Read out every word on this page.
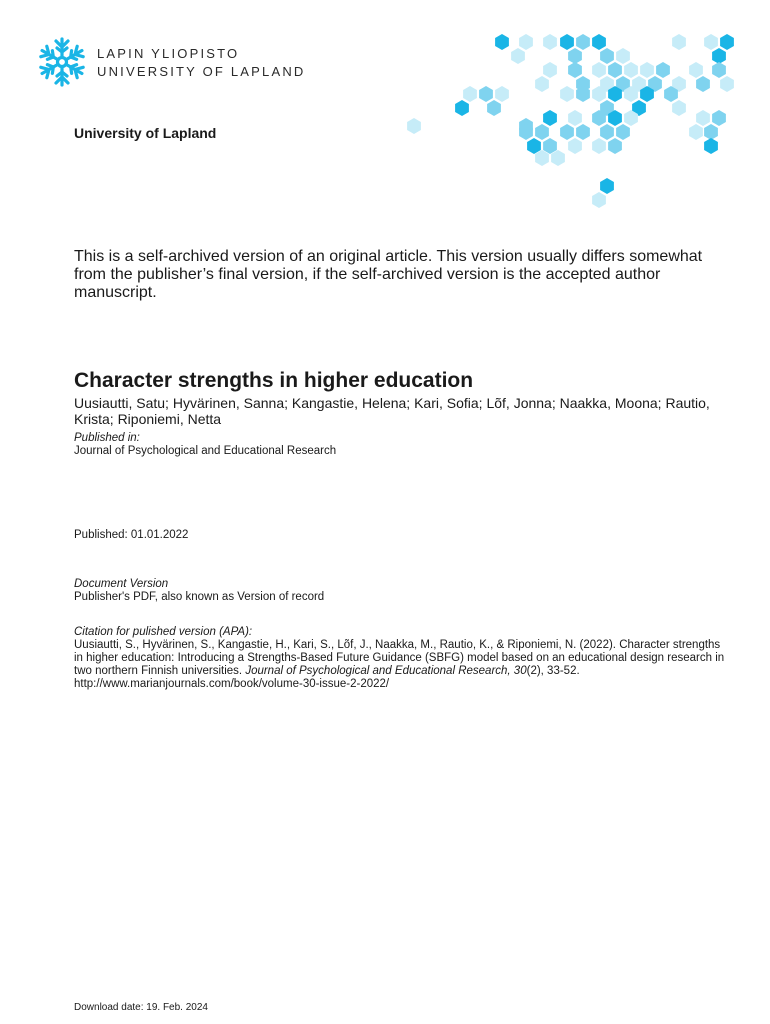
LAPIN YLIOPISTO
UNIVERSITY OF LAPLAND
University of Lapland
This is a self-archived version of an original article. This version usually differs somewhat from the publisher’s final version, if the self-archived version is the accepted author manuscript.
Character strengths in higher education
Uusiautti, Satu; Hyvärinen, Sanna; Kangastie, Helena; Kari, Sofia; Lõf, Jonna; Naakka, Moona; Rautio, Krista; Riponiemi, Netta
Published in:
Journal of Psychological and Educational Research
Published: 01.01.2022
Document Version
Publisher's PDF, also known as Version of record
Citation for pulished version (APA):
Uusiautti, S., Hyvärinen, S., Kangastie, H., Kari, S., Lõf, J., Naakka, M., Rautio, K., & Riponiemi, N. (2022). Character strengths in higher education: Introducing a Strengths-Based Future Guidance (SBFG) model based on an educational design research in two northern Finnish universities. Journal of Psychological and Educational Research, 30(2), 33-52. http://www.marianjournals.com/book/volume-30-issue-2-2022/
Download date: 19. Feb. 2024
